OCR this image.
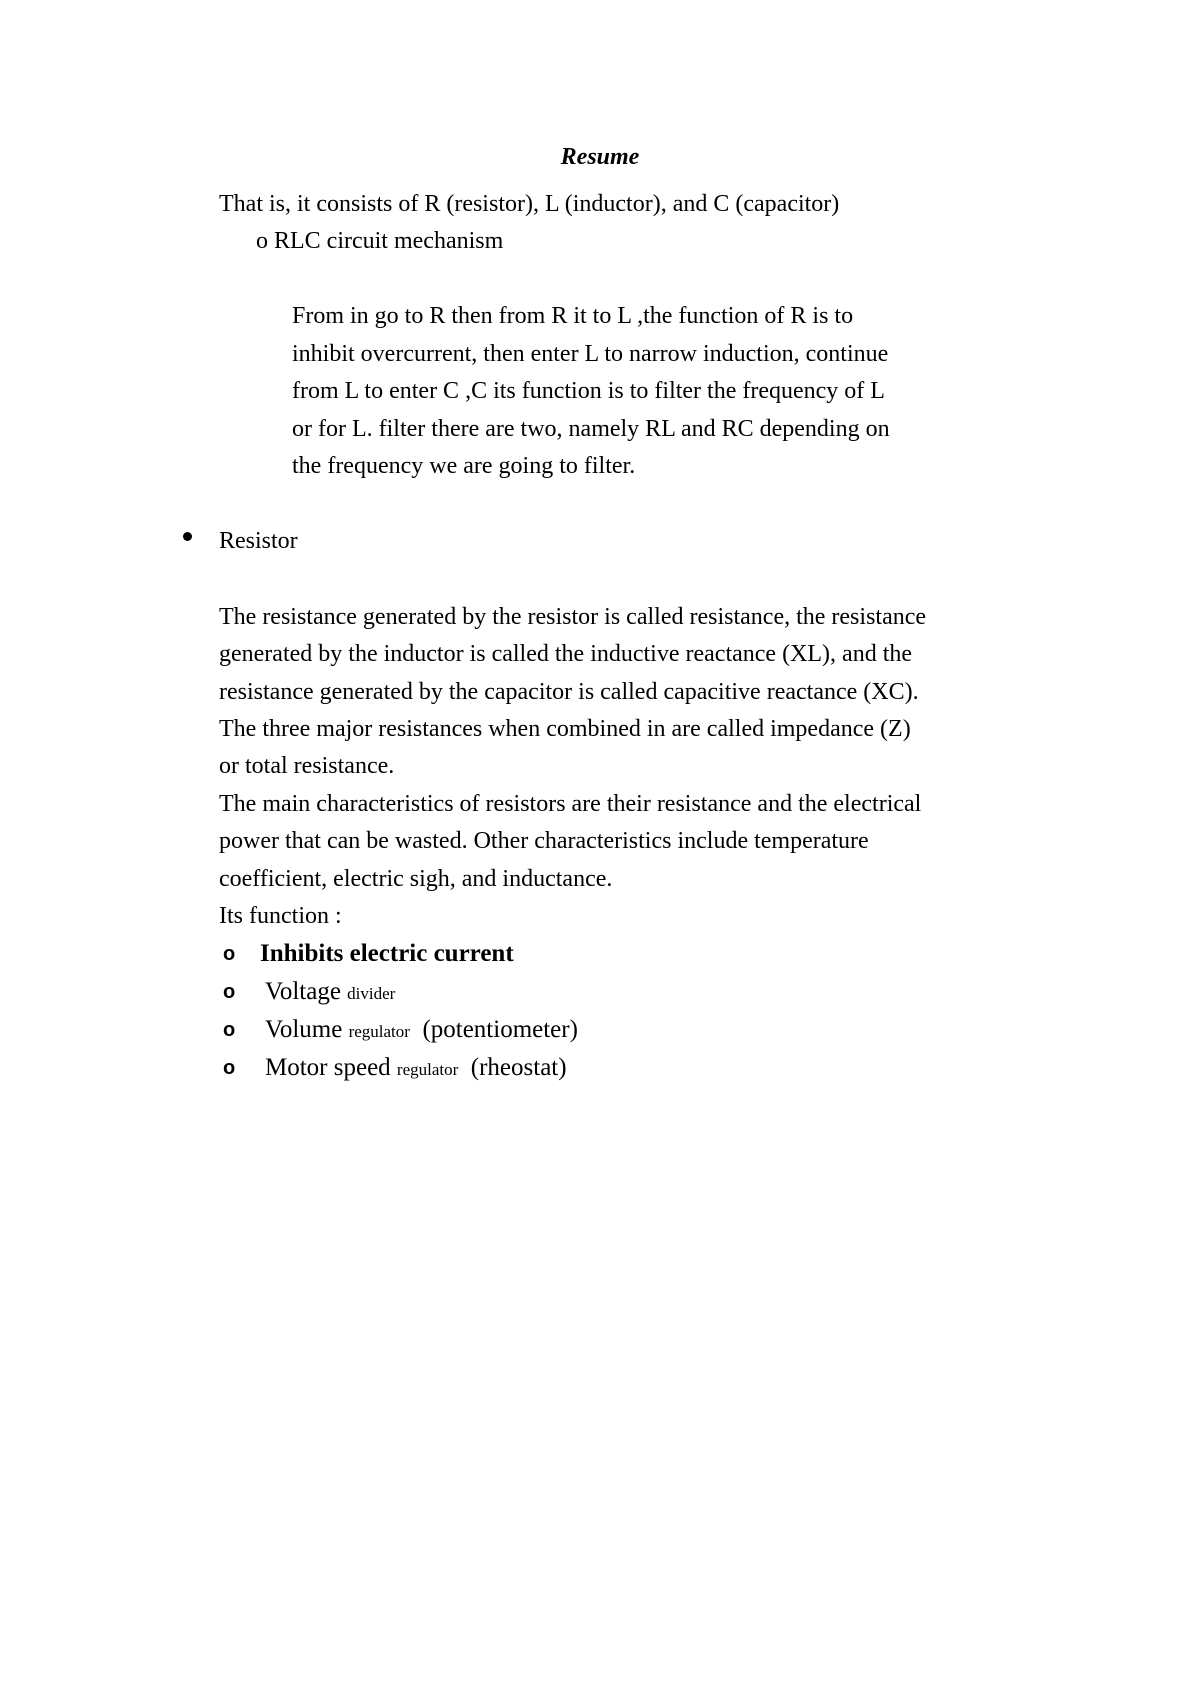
Resume
That is, it consists of R (resistor), L (inductor), and C (capacitor)
o RLC circuit mechanism
From in go to R then from R it to L ,the function of R is to
inhibit overcurrent, then enter L to narrow induction, continue
from L to enter C ,C its function is to filter the frequency of L
or for L. filter there are two, namely RL and RC depending on
the frequency we are going to filter.
Resistor
The resistance generated by the resistor is called resistance, the resistance
generated by the inductor is called the inductive reactance (XL), and the
resistance generated by the capacitor is called capacitive reactance (XC).
The three major resistances when combined in are called impedance (Z)
or total resistance.
The main characteristics of resistors are their resistance and the electrical
power that can be wasted. Other characteristics include temperature
coefficient, electric sigh, and inductance.
Its function :
o Inhibits electric current
o Voltage divider
o Volume regulator  (potentiometer)
o Motor speed regulator  (rheostat)
